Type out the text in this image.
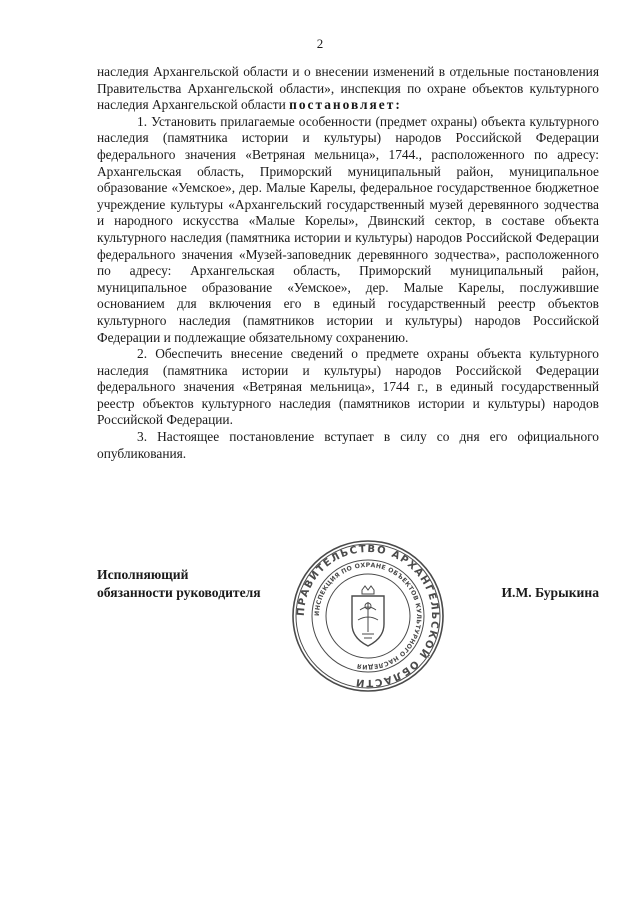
2

наследия Архангельской области и о внесении изменений в отдельные постановления Правительства Архангельской области», инспекция по охране объектов культурного наследия Архангельской области постановляет:

1. Установить прилагаемые особенности (предмет охраны) объекта культурного наследия (памятника истории и культуры) народов Российской Федерации федерального значения «Ветряная мельница», 1744., расположенного по адресу: Архангельская область, Приморский муниципальный район, муниципальное образование «Уемское», дер. Малые Карелы, федеральное государственное бюджетное учреждение культуры «Архангельский государственный музей деревянного зодчества и народного искусства «Малые Корелы», Двинский сектор, в составе объекта культурного наследия (памятника истории и культуры) народов Российской Федерации федерального значения «Музей-заповедник деревянного зодчества», расположенного по адресу: Архангельская область, Приморский муниципальный район, муниципальное образование «Уемское», дер. Малые Карелы, послужившие основанием для включения его в единый государственный реестр объектов культурного наследия (памятников истории и культуры) народов Российской Федерации и подлежащие обязательному сохранению.

2. Обеспечить внесение сведений о предмете охраны объекта культурного наследия (памятника истории и культуры) народов Российской Федерации федерального значения «Ветряная мельница», 1744 г., в единый государственный реестр объектов культурного наследия (памятников истории и культуры) народов Российской Федерации.

3. Настоящее постановление вступает в силу со дня его официального опубликования.

Исполняющий
обязанности руководителя
ПРАВИТЕЛЬСТВО АРХАНГЕЛЬСКОЙ ОБЛАСТИ
ИНСПЕКЦИЯ ПО ОХРАНЕ ОБЪЕКТОВ КУЛЬТУРНОГО НАСЛЕДИЯ
И.М. Бурыкина
